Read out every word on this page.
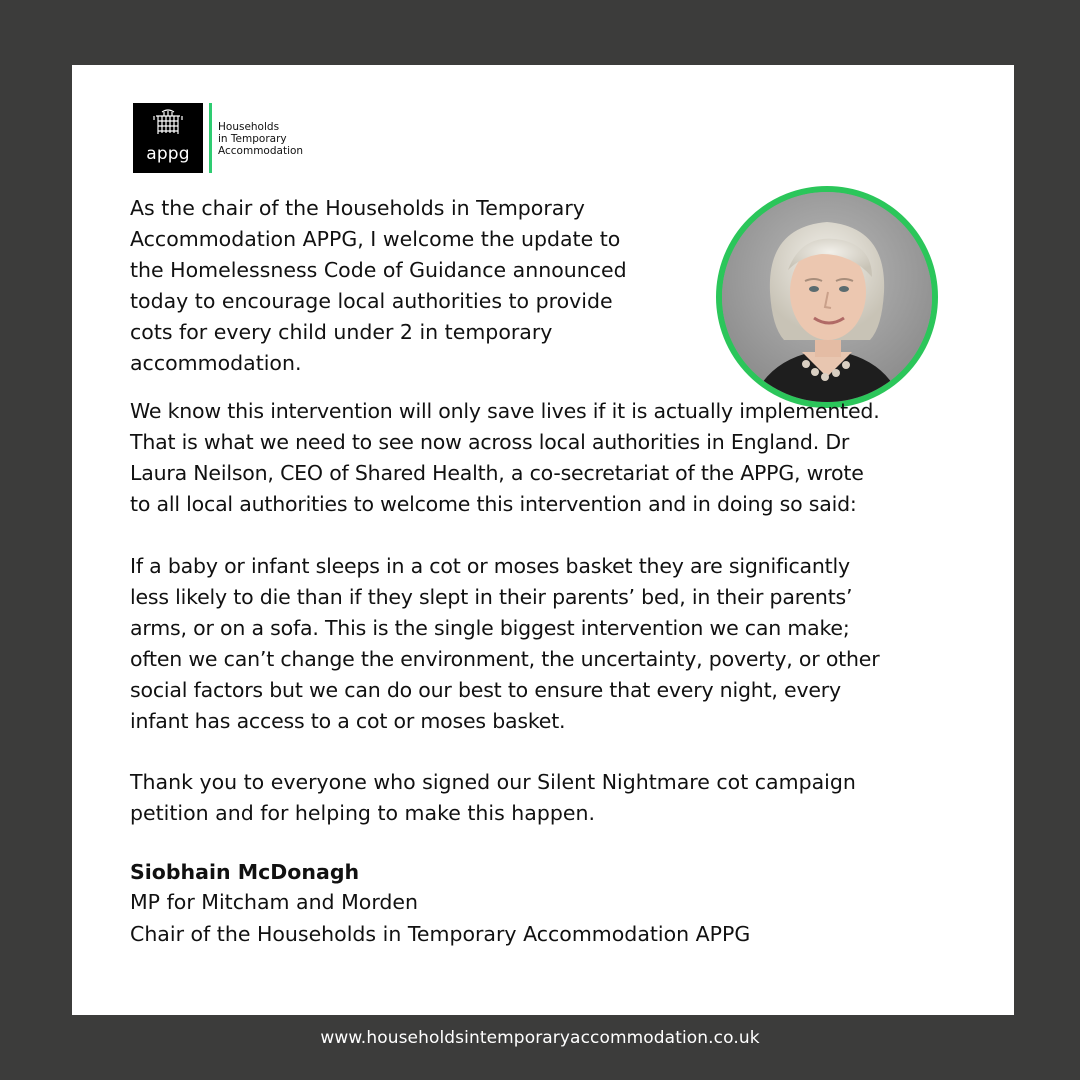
appg
Households
in Temporary
Accommodation
As the chair of the Households in Temporary
Accommodation APPG, I welcome the update to
the Homelessness Code of Guidance announced
today to encourage local authorities to provide
cots for every child under 2 in temporary
accommodation.
We know this intervention will only save lives if it is actually implemented.
That is what we need to see now across local authorities in England. Dr
Laura Neilson, CEO of Shared Health, a co-secretariat of the APPG, wrote
to all local authorities to welcome this intervention and in doing so said:
If a baby or infant sleeps in a cot or moses basket they are significantly
less likely to die than if they slept in their parents’ bed, in their parents’
arms, or on a sofa. This is the single biggest intervention we can make;
often we can’t change the environment, the uncertainty, poverty, or other
social factors but we can do our best to ensure that every night, every
infant has access to a cot or moses basket.
Thank you to everyone who signed our Silent Nightmare cot campaign
petition and for helping to make this happen.
Siobhain McDonagh
MP for Mitcham and Morden
Chair of the Households in Temporary Accommodation APPG
www.householdsintemporaryaccommodation.co.uk
